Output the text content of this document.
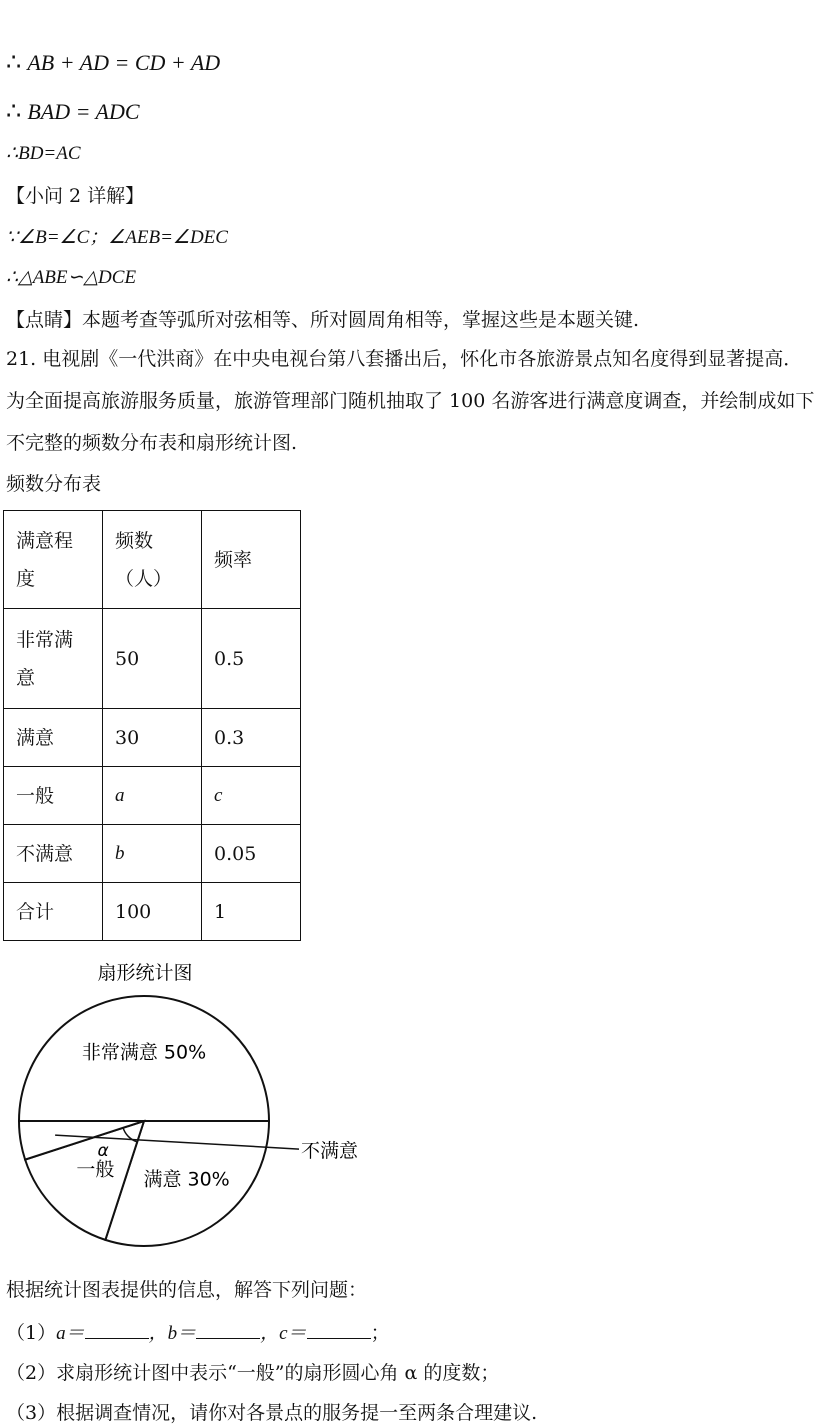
∴ AB + AD = CD + AD
∴ BAD = ADC
∴BD=AC
【小问 2 详解】
∵∠B=∠C；∠AEB=∠DEC
∴△ABE∽△DCE
【点睛】本题考查等弧所对弦相等、所对圆周角相等，掌握这些是本题关键.
21. 电视剧《一代洪商》在中央电视台第八套播出后，怀化市各旅游景点知名度得到显著提高．为全面提高旅游服务质量，旅游管理部门随机抽取了 100 名游客进行满意度调查，并绘制成如下不完整的频数分布表和扇形统计图.
频数分布表
满意程度	频数（人）	频率

非常满意	50	0.5
满意	30	0.3
一般	a	c
不满意	b	0.05
合计	100	1
扇形统计图
非常满意 50%
不满意
一般 满意 30%
α
根据统计图表提供的信息，解答下列问题：
（1）a＝	，b＝	，c＝	；
（2）求扇形统计图中表示“一般”的扇形圆心角 α 的度数；
（3）根据调查情况，请你对各景点的服务提一至两条合理建议.
